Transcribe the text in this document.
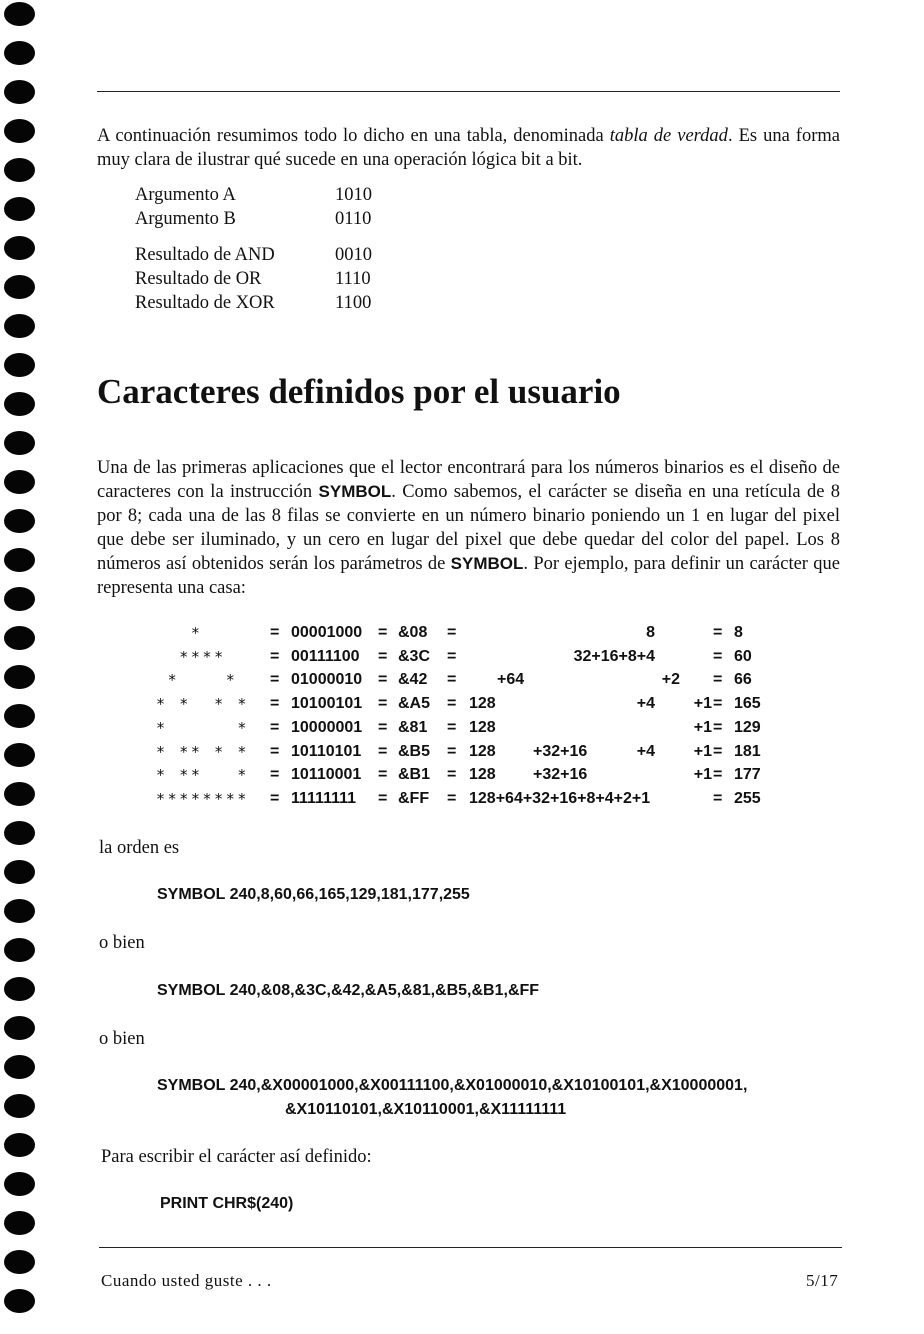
A continuación resumimos todo lo dicho en una tabla, denominada tabla de verdad. Es una forma muy clara de ilustrar qué sucede en una operación lógica bit a bit.
Argumento A	1010
Argumento B	0110
Resultado de AND	0010
Resultado de OR	1110
Resultado de XOR	1100
Caracteres definidos por el usuario
Una de las primeras aplicaciones que el lector encontrará para los números binarios es el diseño de caracteres con la instrucción SYMBOL. Como sabemos, el carácter se diseña en una retícula de 8 por 8; cada una de las 8 filas se convierte en un número binario poniendo un 1 en lugar del pixel que debe ser iluminado, y un cero en lugar del pixel que debe quedar del color del papel. Los 8 números así obtenidos serán los parámetros de SYMBOL. Por ejemplo, para definir un carácter que representa una casa:
* = 00001000 = &08 =	8	= 8
**** = 00111100 = &3C =	32+16+8+4	= 60
*    * = 01000010 = &42 =	+64	+2 = 66
* *  * * = 10100101 = &A5 = 128	+4 +1 = 165
*      * = 10000001 = &81 = 128	+1 = 129
* ** * * = 10110101 = &B5 = 128 +32+16	+4 +1 = 181
* **   * = 10110001 = &B1 = 128 +32+16	+1 = 177
******** = 11111111 = &FF = 128+64+32+16+8+4+2+1	= 255
la orden es
SYMBOL 240,8,60,66,165,129,181,177,255
o bien
SYMBOL 240,&08,&3C,&42,&A5,&81,&B5,&B1,&FF
o bien
SYMBOL 240,&X00001000,&X00111100,&X01000010,&X10100101,&X10000001,
&X10110101,&X10110001,&X11111111
Para escribir el carácter así definido:
PRINT CHR$(240)
Cuando usted guste . . .	5/17
